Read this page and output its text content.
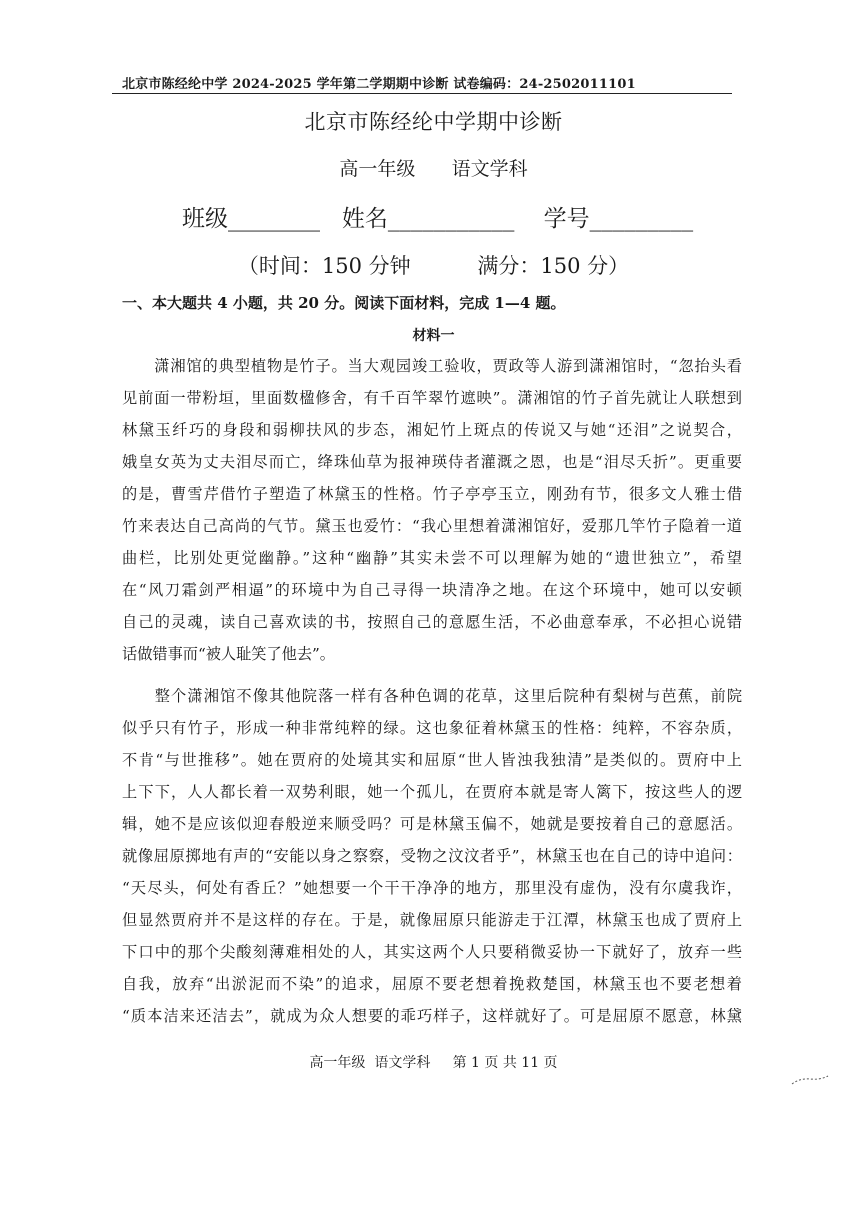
北京市陈经纶中学 2024-2025 学年第二学期期中诊断 试卷编码：24-2502011101
北京市陈经纶中学期中诊断
高一年级      语文学科
班级________   姓名___________    学号_________
（时间：150 分钟          满分：150 分）
一、本大题共 4 小题，共 20 分。阅读下面材料，完成 1—4 题。
材料一
　　潇湘馆的典型植物是竹子。当大观园竣工验收，贾政等人游到潇湘馆时，“忽抬头看
见前面一带粉垣，里面数楹修舍，有千百竿翠竹遮映”。潇湘馆的竹子首先就让人联想到
林黛玉纤巧的身段和弱柳扶风的步态，湘妃竹上斑点的传说又与她“还泪”之说契合，
娥皇女英为丈夫泪尽而亡，绛珠仙草为报神瑛侍者灌溉之恩，也是“泪尽夭折”。更重要
的是，曹雪芹借竹子塑造了林黛玉的性格。竹子亭亭玉立，刚劲有节，很多文人雅士借
竹来表达自己高尚的气节。黛玉也爱竹：“我心里想着潇湘馆好，爱那几竿竹子隐着一道
曲栏，比别处更觉幽静。”这种“幽静”其实未尝不可以理解为她的“遗世独立”，希望
在“风刀霜剑严相逼”的环境中为自己寻得一块清净之地。在这个环境中，她可以安顿
自己的灵魂，读自己喜欢读的书，按照自己的意愿生活，不必曲意奉承，不必担心说错
话做错事而“被人耻笑了他去”。
　　整个潇湘馆不像其他院落一样有各种色调的花草，这里后院种有梨树与芭蕉，前院
似乎只有竹子，形成一种非常纯粹的绿。这也象征着林黛玉的性格：纯粹，不容杂质，
不肯“与世推移”。她在贾府的处境其实和屈原“世人皆浊我独清”是类似的。贾府中上
上下下，人人都长着一双势利眼，她一个孤儿，在贾府本就是寄人篱下，按这些人的逻
辑，她不是应该似迎春般逆来顺受吗？可是林黛玉偏不，她就是要按着自己的意愿活。
就像屈原掷地有声的“安能以身之察察，受物之汶汶者乎”，林黛玉也在自己的诗中追问：
“天尽头，何处有香丘？”她想要一个干干净净的地方，那里没有虚伪，没有尔虞我诈，
但显然贾府并不是这样的存在。于是，就像屈原只能游走于江潭，林黛玉也成了贾府上
下口中的那个尖酸刻薄难相处的人，其实这两个人只要稍微妥协一下就好了，放弃一些
自我，放弃“出淤泥而不染”的追求，屈原不要老想着挽救楚国，林黛玉也不要老想着
“质本洁来还洁去”，就成为众人想要的乖巧样子，这样就好了。可是屈原不愿意，林黛
高一年级  语文学科     第 1 页 共 11 页
